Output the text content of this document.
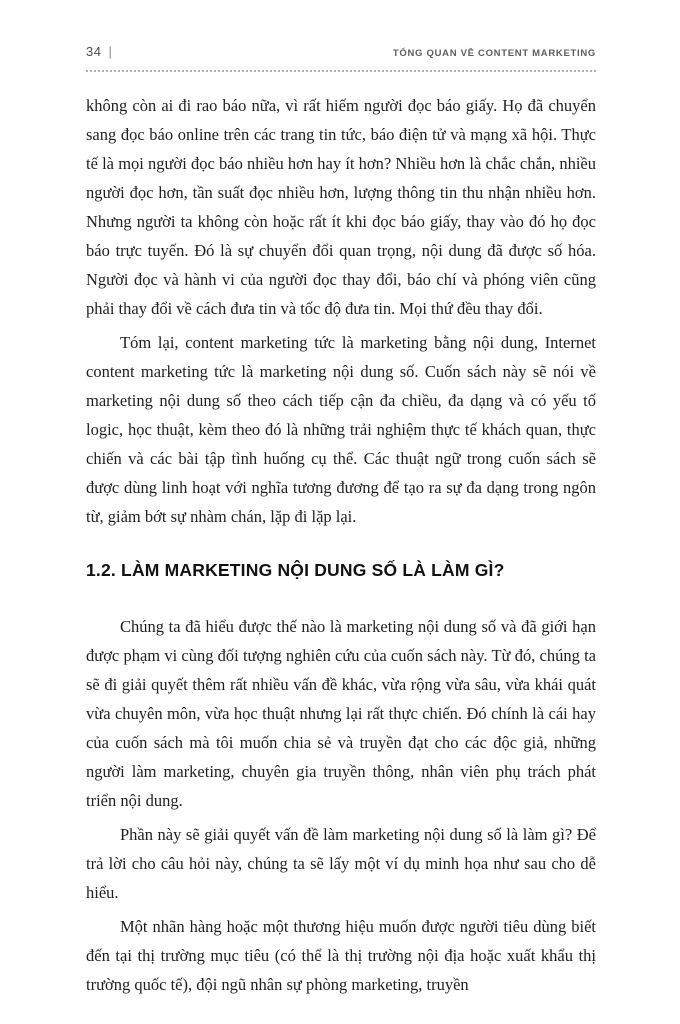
34 |	TỔNG QUAN VỀ CONTENT MARKETING

không còn ai đi rao báo nữa, vì rất hiếm người đọc báo giấy. Họ đã chuyển sang đọc báo online trên các trang tin tức, báo điện tử và mạng xã hội. Thực tế là mọi người đọc báo nhiều hơn hay ít hơn? Nhiều hơn là chắc chắn, nhiều người đọc hơn, tần suất đọc nhiều hơn, lượng thông tin thu nhận nhiều hơn. Nhưng người ta không còn hoặc rất ít khi đọc báo giấy, thay vào đó họ đọc báo trực tuyến. Đó là sự chuyển đổi quan trọng, nội dung đã được số hóa. Người đọc và hành vi của người đọc thay đổi, báo chí và phóng viên cũng phải thay đổi về cách đưa tin và tốc độ đưa tin. Mọi thứ đều thay đổi.

Tóm lại, content marketing tức là marketing bằng nội dung, Internet content marketing tức là marketing nội dung số. Cuốn sách này sẽ nói về marketing nội dung số theo cách tiếp cận đa chiều, đa dạng và có yếu tố logic, học thuật, kèm theo đó là những trải nghiệm thực tế khách quan, thực chiến và các bài tập tình huống cụ thể. Các thuật ngữ trong cuốn sách sẽ được dùng linh hoạt với nghĩa tương đương để tạo ra sự đa dạng trong ngôn từ, giảm bớt sự nhàm chán, lặp đi lặp lại.

1.2. LÀM MARKETING NỘI DUNG SỐ LÀ LÀM GÌ?

Chúng ta đã hiểu được thế nào là marketing nội dung số và đã giới hạn được phạm vi cùng đối tượng nghiên cứu của cuốn sách này. Từ đó, chúng ta sẽ đi giải quyết thêm rất nhiều vấn đề khác, vừa rộng vừa sâu, vừa khái quát vừa chuyên môn, vừa học thuật nhưng lại rất thực chiến. Đó chính là cái hay của cuốn sách mà tôi muốn chia sẻ và truyền đạt cho các độc giả, những người làm marketing, chuyên gia truyền thông, nhân viên phụ trách phát triển nội dung.

Phần này sẽ giải quyết vấn đề làm marketing nội dung số là làm gì? Để trả lời cho câu hỏi này, chúng ta sẽ lấy một ví dụ minh họa như sau cho dễ hiểu.

Một nhãn hàng hoặc một thương hiệu muốn được người tiêu dùng biết đến tại thị trường mục tiêu (có thể là thị trường nội địa hoặc xuất khẩu thị trường quốc tế), đội ngũ nhân sự phòng marketing, truyền
